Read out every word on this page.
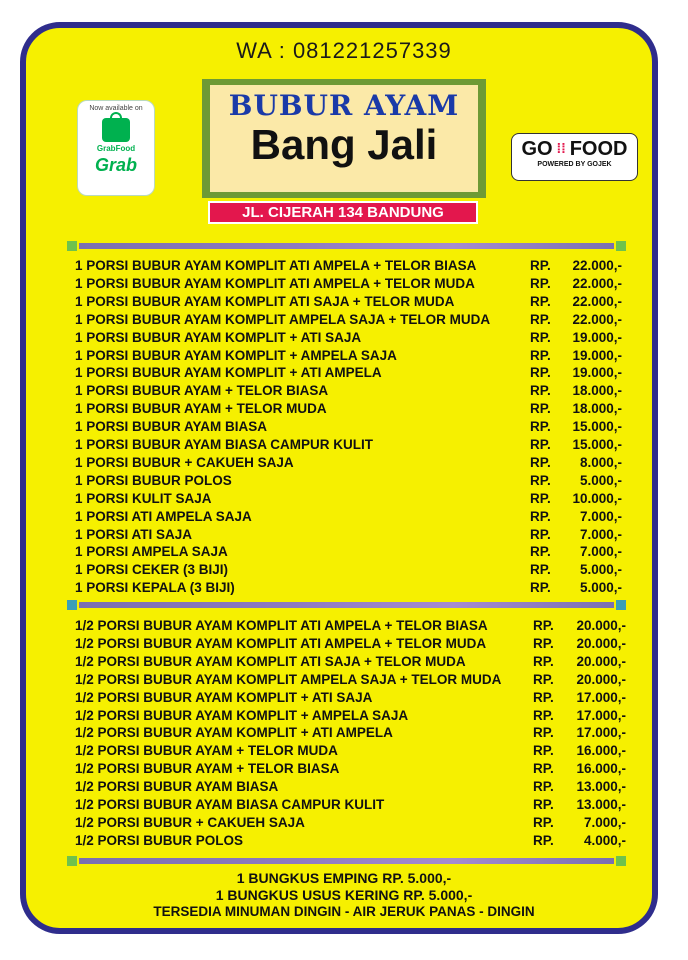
WA : 081221257339
Now available on
GrabFood
Grab
BUBUR AYAM
Bang Jali
JL. CIJERAH 134 BANDUNG
GO ⁞⁞ FOOD
POWERED BY GOJEK
1 PORSI BUBUR AYAM KOMPLIT ATI AMPELA + TELOR BIASA	RP.	22.000,-
1 PORSI BUBUR AYAM KOMPLIT ATI AMPELA + TELOR MUDA	RP.	22.000,-
1 PORSI BUBUR AYAM KOMPLIT ATI SAJA + TELOR MUDA	RP.	22.000,-
1 PORSI BUBUR AYAM KOMPLIT AMPELA SAJA + TELOR MUDA	RP.	22.000,-
1 PORSI BUBUR AYAM KOMPLIT + ATI SAJA	RP.	19.000,-
1 PORSI BUBUR AYAM KOMPLIT + AMPELA SAJA	RP.	19.000,-
1 PORSI BUBUR AYAM KOMPLIT + ATI AMPELA	RP.	19.000,-
1 PORSI BUBUR AYAM + TELOR BIASA	RP.	18.000,-
1 PORSI BUBUR AYAM + TELOR MUDA	RP.	18.000,-
1 PORSI BUBUR AYAM BIASA	RP.	15.000,-
1 PORSI BUBUR AYAM BIASA CAMPUR KULIT	RP.	15.000,-
1 PORSI BUBUR + CAKUEH SAJA	RP.	8.000,-
1 PORSI BUBUR POLOS	RP.	5.000,-
1 PORSI KULIT SAJA	RP.	10.000,-
1 PORSI ATI AMPELA SAJA	RP.	7.000,-
1 PORSI ATI SAJA	RP.	7.000,-
1 PORSI AMPELA SAJA	RP.	7.000,-
1 PORSI CEKER (3 BIJI)	RP.	5.000,-
1 PORSI KEPALA (3 BIJI)	RP.	5.000,-
1/2 PORSI BUBUR AYAM KOMPLIT ATI AMPELA + TELOR BIASA	RP.	20.000,-
1/2 PORSI BUBUR AYAM KOMPLIT ATI AMPELA + TELOR MUDA	RP.	20.000,-
1/2 PORSI BUBUR AYAM KOMPLIT ATI SAJA + TELOR MUDA	RP.	20.000,-
1/2 PORSI BUBUR AYAM KOMPLIT AMPELA SAJA + TELOR MUDA RP.	20.000,-
1/2 PORSI BUBUR AYAM KOMPLIT + ATI SAJA	RP.	17.000,-
1/2 PORSI BUBUR AYAM KOMPLIT + AMPELA SAJA	RP.	17.000,-
1/2 PORSI BUBUR AYAM KOMPLIT + ATI AMPELA	RP.	17.000,-
1/2 PORSI BUBUR AYAM + TELOR MUDA	RP.	16.000,-
1/2 PORSI BUBUR AYAM + TELOR BIASA	RP.	16.000,-
1/2 PORSI BUBUR AYAM BIASA	RP.	13.000,-
1/2 PORSI BUBUR AYAM BIASA CAMPUR KULIT	RP.	13.000,-
1/2 PORSI BUBUR + CAKUEH SAJA	RP.	7.000,-
1/2 PORSI BUBUR POLOS	RP.	4.000,-
1 BUNGKUS EMPING RP. 5.000,-
1 BUNGKUS USUS KERING RP. 5.000,-
TERSEDIA MINUMAN DINGIN - AIR JERUK PANAS - DINGIN
